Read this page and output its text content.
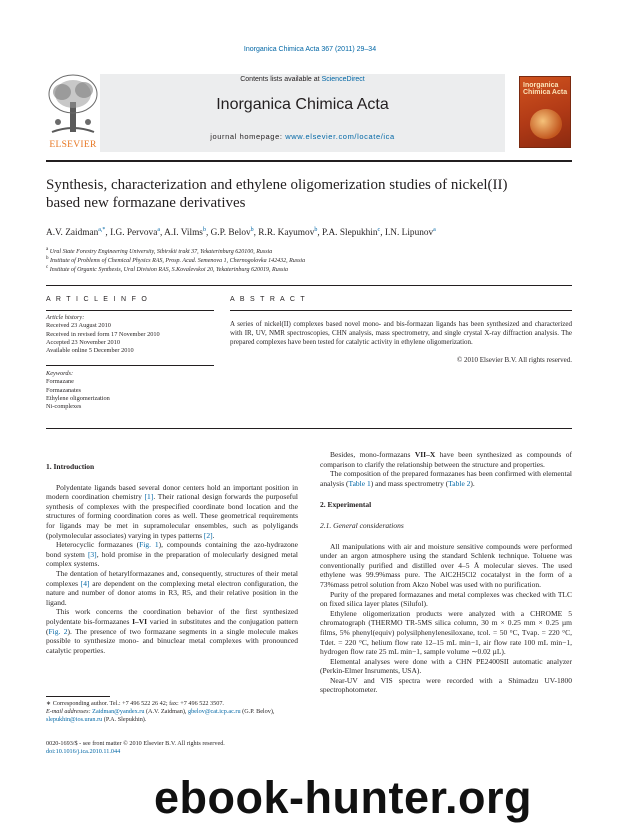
Inorganica Chimica Acta 367 (2011) 29–34
ELSEVIER
Contents lists available at ScienceDirect
Inorganica Chimica Acta
journal homepage: www.elsevier.com/locate/ica
Inorganica Chimica Acta
Synthesis, characterization and ethylene oligomerization studies of nickel(II)
based new formazane derivatives
A.V. Zaidman$^{a,*}$, I.G. Pervova$^a$, A.I. Vilms$^b$, G.P. Belov$^b$, R.R. Kayumov$^b$, P.A. Slepukhin$^c$, I.N. Lipunov$^a$
$^a$ Ural State Forestry Engineering University, Sibirskii trakt 37, Yekaterinburg 620100, Russia
$^b$ Institute of Problems of Chemical Physics RAS, Prosp. Acad. Semenova 1, Chernogolovka 142432, Russia
$^c$ Institute of Organic Synthesis, Ural Division RAS, S.Kovalevskoi 20, Yekaterinburg 620019, Russia
A R T I C L E I N F O	A B S T R A C T
Article history:
Received 23 August 2010
Received in revised form 17 November 2010
Accepted 23 November 2010
Available online 5 December 2010
Keywords:
Formazane
Formazanates
Ethylene oligomerization
Ni-complexes
A series of nickel(II) complexes based novel mono- and bis-formazan ligands has been synthesized and characterized with IR, UV, NMR spectroscopies, CHN analysis, mass spectrometry, and single crystal X-ray diffraction analysis. The prepared complexes have been tested for catalytic activity in ethylene oligomerization.
© 2010 Elsevier B.V. All rights reserved.
1. Introduction

Polydentate ligands based several donor centers hold an important position in modern coordination chemistry [1]. Their rational design forwards the purposeful synthesis of complexes with the prespecified coordinate bond location and the structures of forming coordination cores as well. These geometrical requirements for ligands may be met in supramolecular ensembles, such as polyligands (polymolecular associates) varying in types patterns [2].

Heterocyclic formazanes (Fig. 1), compounds containing the azo-hydrazone bond system [3], hold promise in the preparation of molecularly designed metal complex systems.

The dentation of hetarylformazanes and, consequently, structures of their metal complexes [4] are dependent on the complexing metal electron configuration, the nature and number of donor atoms in R3, R5, and their relative position in the ligand.

This work concerns the coordination behavior of the first synthesized polydentate bis-formazanes I–VI varied in substitutes and the conjugation pattern (Fig. 2). The presence of two formazane segments in a single molecule makes possible to synthesize mono- and binuclear metal complexes with pronounced catalytic properties.

Besides, mono-formazans VII–X have been synthesized as compounds of comparison to clarify the relationship between the structure and properties.

The composition of the prepared formazanes has been confirmed with elemental analysis (Table 1) and mass spectrometry (Table 2).

2. Experimental
2.1. General considerations

All manipulations with air and moisture sensitive compounds were performed under an argon atmosphere using the standard Schlenk technique. Toluene was conventionally purified and distilled over 4–5 Å molecular sieves. The used ethylene was 99.9%mass pure. The AlC2H5Cl2 cocatalyst in the form of a 73%mass petrol solution from Akzo Nobel was used with no purification.

Purity of the prepared formazanes and metal complexes was checked with TLC on fixed silica layer plates (Silufol).

Ethylene oligomerization products were analyzed with a CHROME 5 chromatograph (THERMO TR-5MS silica column, 30 m × 0.25 mm × 0.25 µm films, 5% phenyl(equiv) polysilphenylenesiloxane, tcol. = 50 °C, Tvap. = 220 °C, Tdet. = 220 °C, helium flow rate 12–15 mL min−1, air flow rate 100 mL min−1, hydrogen flow rate 25 mL min−1, sample volume ∼0.02 µL).

Elemental analyses were done with a CHN PE2400SII automatic analyzer (Perkin-Elmer Insruments, USA).

Near-UV and VIS spectra were recorded with a Shimadzu UV-1800 spectrophotometer.

∗ Corresponding author. Tel.: +7 496 522 26 42; fax: +7 496 522 3507.
E-mail addresses: Zaidman@yandex.ru (A.V. Zaidman), gbelov@cat.icp.ac.ru (G.P. Belov), slepukhin@ios.uran.ru (P.A. Slepukhin).
0020-1693/$ - see front matter © 2010 Elsevier B.V. All rights reserved.
doi:10.1016/j.ica.2010.11.044
ebook-hunter.org
